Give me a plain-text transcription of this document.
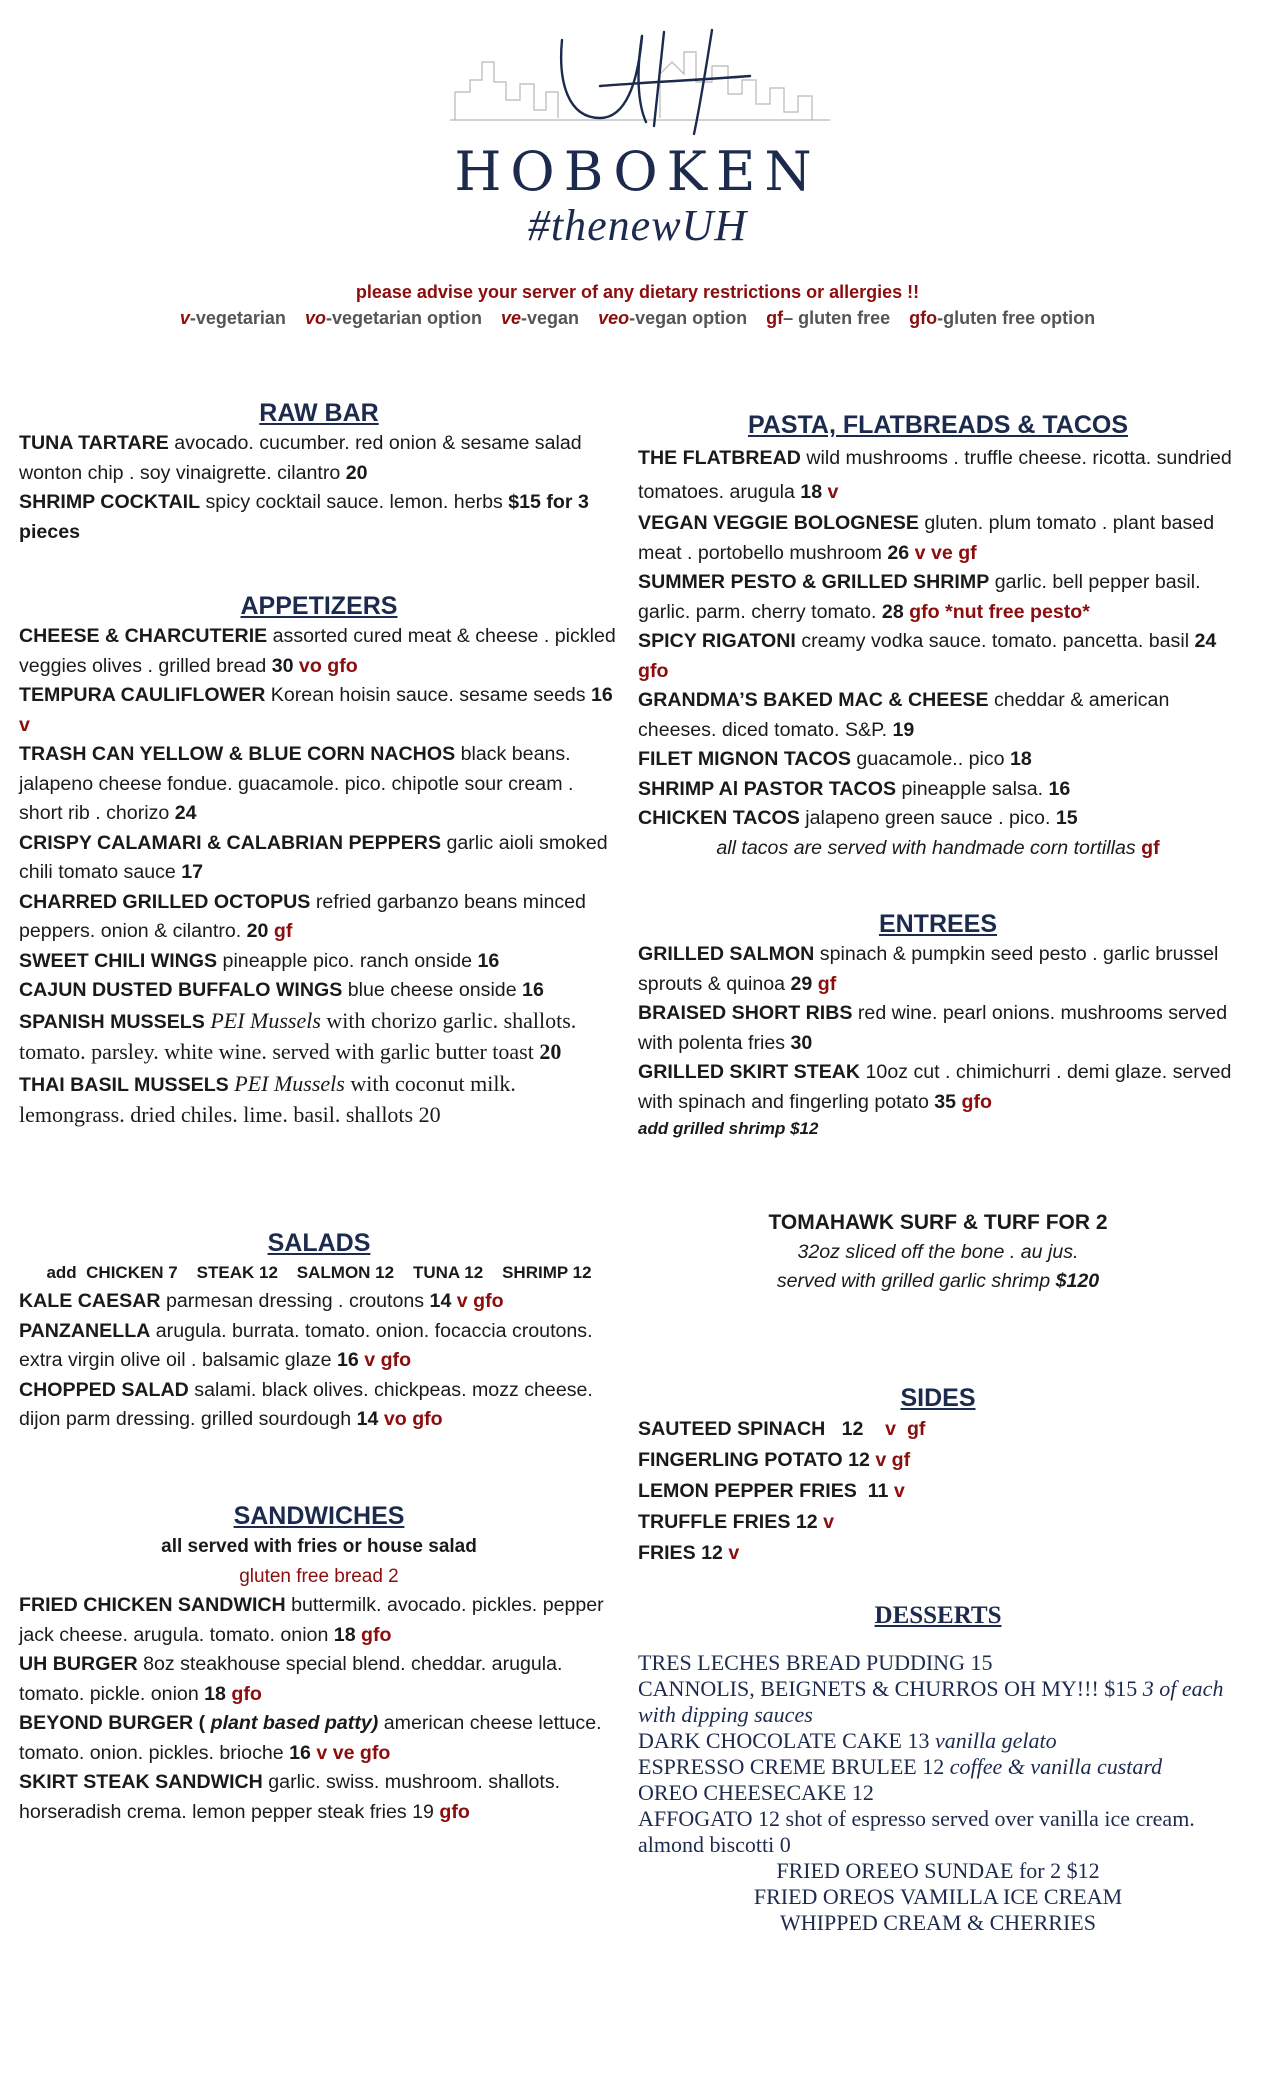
HOBOKEN
#thenewUH
please advise your server of any dietary restrictions or allergies !!
v-vegetarian vo-vegetarian option ve-vegan veo-vegan option gf– gluten free gfo-gluten free option
RAW BAR

TUNA TARTARE avocado. cucumber. red onion & sesame salad wonton chip . soy vinaigrette. cilantro 20

SHRIMP COCKTAIL spicy cocktail sauce. lemon. herbs $15 for 3 pieces

APPETIZERS

CHEESE & CHARCUTERIE assorted cured meat & cheese . pickled veggies olives . grilled bread 30 vo gfo

TEMPURA CAULIFLOWER Korean hoisin sauce. sesame seeds 16 v

TRASH CAN YELLOW & BLUE CORN NACHOS black beans. jalapeno cheese fondue. guacamole. pico. chipotle sour cream . short rib . chorizo 24

CRISPY CALAMARI & CALABRIAN PEPPERS garlic aioli smoked chili tomato sauce 17

CHARRED GRILLED OCTOPUS refried garbanzo beans minced peppers. onion & cilantro. 20 gf

SWEET CHILI WINGS pineapple pico. ranch onside 16

CAJUN DUSTED BUFFALO WINGS blue cheese onside 16

SPANISH MUSSELS PEI Mussels with chorizo garlic. shallots. tomato. parsley. white wine. served with garlic butter toast 20

THAI BASIL MUSSELS PEI Mussels with coconut milk. lemongrass. dried chiles. lime. basil. shallots 20

SALADS

add  CHICKEN 7    STEAK 12    SALMON 12    TUNA 12    SHRIMP 12

KALE CAESAR parmesan dressing . croutons 14 v gfo

PANZANELLA arugula. burrata. tomato. onion. focaccia croutons. extra virgin olive oil . balsamic glaze 16 v gfo

CHOPPED SALAD salami. black olives. chickpeas. mozz cheese. dijon parm dressing. grilled sourdough 14 vo gfo

SANDWICHES

all served with fries or house salad

gluten free bread 2

FRIED CHICKEN SANDWICH buttermilk. avocado. pickles. pepper jack cheese. arugula. tomato. onion 18 gfo

UH BURGER 8oz steakhouse special blend. cheddar. arugula. tomato. pickle. onion 18 gfo

BEYOND BURGER ( plant based patty) american cheese lettuce. tomato. onion. pickles. brioche 16 v ve gfo

SKIRT STEAK SANDWICH garlic. swiss. mushroom. shallots. horseradish crema. lemon pepper steak fries 19 gfo

PASTA, FLATBREADS & TACOS

THE FLATBREAD wild mushrooms . truffle cheese. ricotta. sundried tomatoes. arugula 18 v

VEGAN VEGGIE BOLOGNESE gluten. plum tomato . plant based meat . portobello mushroom 26 v ve gf

SUMMER PESTO & GRILLED SHRIMP garlic. bell pepper basil. garlic. parm. cherry tomato. 28 gfo *nut free pesto*

SPICY RIGATONI creamy vodka sauce. tomato. pancetta. basil 24 gfo

GRANDMA’S BAKED MAC & CHEESE cheddar & american cheeses. diced tomato. S&P. 19

FILET MIGNON TACOS guacamole.. pico 18

SHRIMP Al PASTOR TACOS pineapple salsa. 16

CHICKEN TACOS jalapeno green sauce . pico. 15

all tacos are served with handmade corn tortillas gf

ENTREES

GRILLED SALMON spinach & pumpkin seed pesto . garlic brussel sprouts & quinoa 29 gf

BRAISED SHORT RIBS red wine. pearl onions. mushrooms served with polenta fries 30

GRILLED SKIRT STEAK 10oz cut . chimichurri . demi glaze. served with spinach and fingerling potato 35 gfo

add grilled shrimp $12

TOMAHAWK SURF & TURF FOR 2

32oz sliced off the bone . au jus.

served with grilled garlic shrimp $120

SIDES

SAUTEED SPINACH   12    v  gf

FINGERLING POTATO 12 v gf

LEMON PEPPER FRIES  11 v

TRUFFLE FRIES 12 v

FRIES 12 v

DESSERTS

TRES LECHES BREAD PUDDING 15

CANNOLIS, BEIGNETS & CHURROS OH MY!!! $15 3 of each with dipping sauces

DARK CHOCOLATE CAKE 13 vanilla gelato

ESPRESSO CREME BRULEE 12 coffee & vanilla custard

OREO CHEESECAKE 12

AFFOGATO 12 shot of espresso served over vanilla ice cream. almond biscotti 0

FRIED OREEO SUNDAE for 2 $12

FRIED OREOS VAMILLA ICE CREAM

WHIPPED CREAM & CHERRIES
